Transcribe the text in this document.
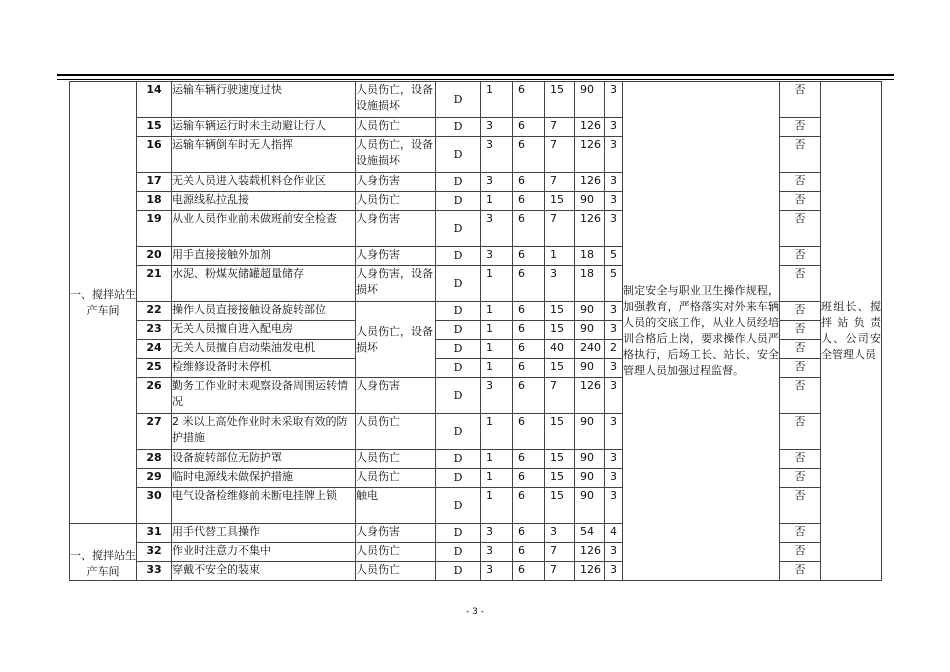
一、搅拌站生产车间	14	运输车辆行驶速度过快	人员伤亡，设备设施损坏	D	1	6	15	90	3	制定安全与职业卫生操作规程，加强教育，严格落实对外来车辆人员的交底工作，从业人员经培训合格后上岗，要求操作人员严格执行，后场工长、站长、安全管理人员加强过程监督。	否	班组长、搅拌站负责人、公司安全管理人员
	15	运输车辆运行时未主动避让行人	人员伤亡	D	3	6	7	126	3		否	
	16	运输车辆倒车时无人指挥	人员伤亡，设备设施损坏	D	3	6	7	126	3		否	
	17	无关人员进入装载机料仓作业区	人身伤害	D	3	6	7	126	3		否	
	18	电源线私拉乱接	人员伤亡	D	1	6	15	90	3		否	
	19	从业人员作业前未做班前安全检查	人身伤害	D	3	6	7	126	3		否	
	20	用手直接接触外加剂	人身伤害	D	3	6	1	18	5		否	
	21	水泥、粉煤灰储罐超量储存	人身伤害，设备损坏	D	1	6	3	18	5		否	
	22	操作人员直接接触设备旋转部位	人员伤亡，设备损坏	D	1	6	15	90	3		否	
	23	无关人员擅自进入配电房		D	1	6	15	90	3		否	
	24	无关人员擅自启动柴油发电机		D	1	6	40	240	2		否	
	25	检维修设备时未停机		D	1	6	15	90	3		否	
	26	勤务工作业时未观察设备周围运转情况	人身伤害	D	3	6	7	126	3		否	
	27	2 米以上高处作业时未采取有效的防护措施	人员伤亡	D	1	6	15	90	3		否	
	28	设备旋转部位无防护罩	人员伤亡	D	1	6	15	90	3		否	
	29	临时电源线未做保护措施	人员伤亡	D	1	6	15	90	3		否	
	30	电气设备检维修前未断电挂牌上锁	触电	D	1	6	15	90	3		否	
一、搅拌站生产车间	31	用手代替工具操作	人身伤害	D	3	6	3	54	4		否	
	32	作业时注意力不集中	人员伤亡	D	3	6	7	126	3		否	
	33	穿戴不安全的装束	人员伤亡	D	3	6	7	126	3		否	
- 3 -
